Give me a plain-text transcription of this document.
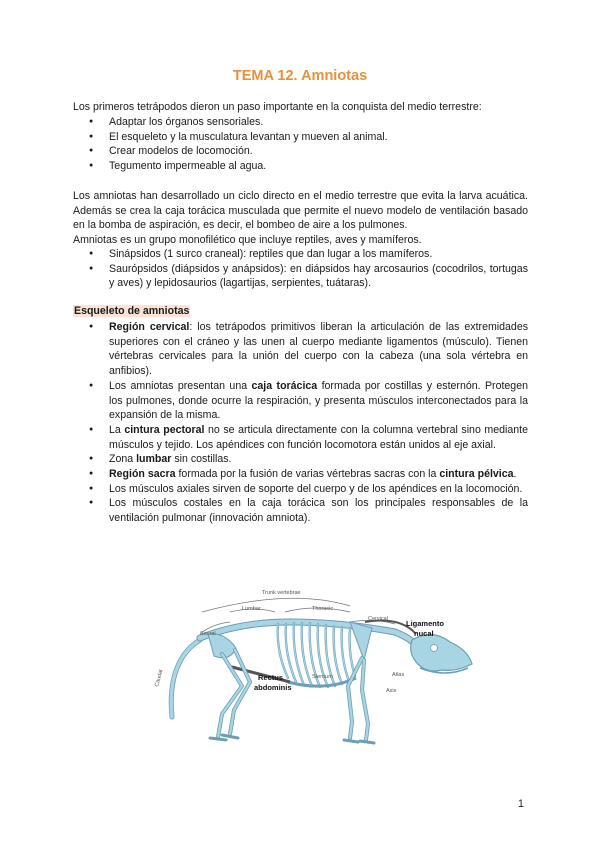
TEMA 12. Amniotas

Los primeros tetrápodos dieron un paso importante en la conquista del medio terrestre:

● Adaptar los órganos sensoriales.
● El esqueleto y la musculatura levantan y mueven al animal.
● Crear modelos de locomoción.
● Tegumento impermeable al agua.

Los amniotas han desarrollado un ciclo directo en el medio terrestre que evita la larva acuática. Además se crea la caja torácica musculada que permite el nuevo modelo de ventilación basado en la bomba de aspiración, es decir, el bombeo de aire a los pulmones.

Amniotas es un grupo monofilético que incluye reptiles, aves y mamíferos.

● Sinápsidos (1 surco craneal): reptiles que dan lugar a los mamíferos.
● Saurópsidos (diápsidos y anápsidos): en diápsidos hay arcosaurios (cocodrilos, tortugas y aves) y lepidosaurios (lagartijas, serpientes, tuátaras).
Esqueleto de amniotas
● Región cervical: los tetrápodos primitivos liberan la articulación de las extremidades superiores con el cráneo y las unen al cuerpo mediante ligamentos (músculo). Tienen vértebras cervicales para la unión del cuerpo con la cabeza (una sola vértebra en anfibios).
● Los amniotas presentan una caja torácica formada por costillas y esternón. Protegen los pulmones, donde ocurre la respiración, y presenta músculos interconectados para la expansión de la misma.
● La cintura pectoral no se articula directamente con la columna vertebral sino mediante músculos y tejido. Los apéndices con función locomotora están unidos al eje axial.
● Zona lumbar sin costillas.
● Región sacra formada por la fusión de varias vértebras sacras con la cintura pélvica.
● Los músculos axiales sirven de soporte del cuerpo y de los apéndices en la locomoción.
● Los músculos costales en la caja torácica son los principales responsables de la ventilación pulmonar (innovación amniota).
Trunk vertebrae
Lumbar	Thoracic
Sacral
Caudal
Cervical Ligamento
nucal
Rectus
abdominis
Sternum	Atlas
Axis
1
